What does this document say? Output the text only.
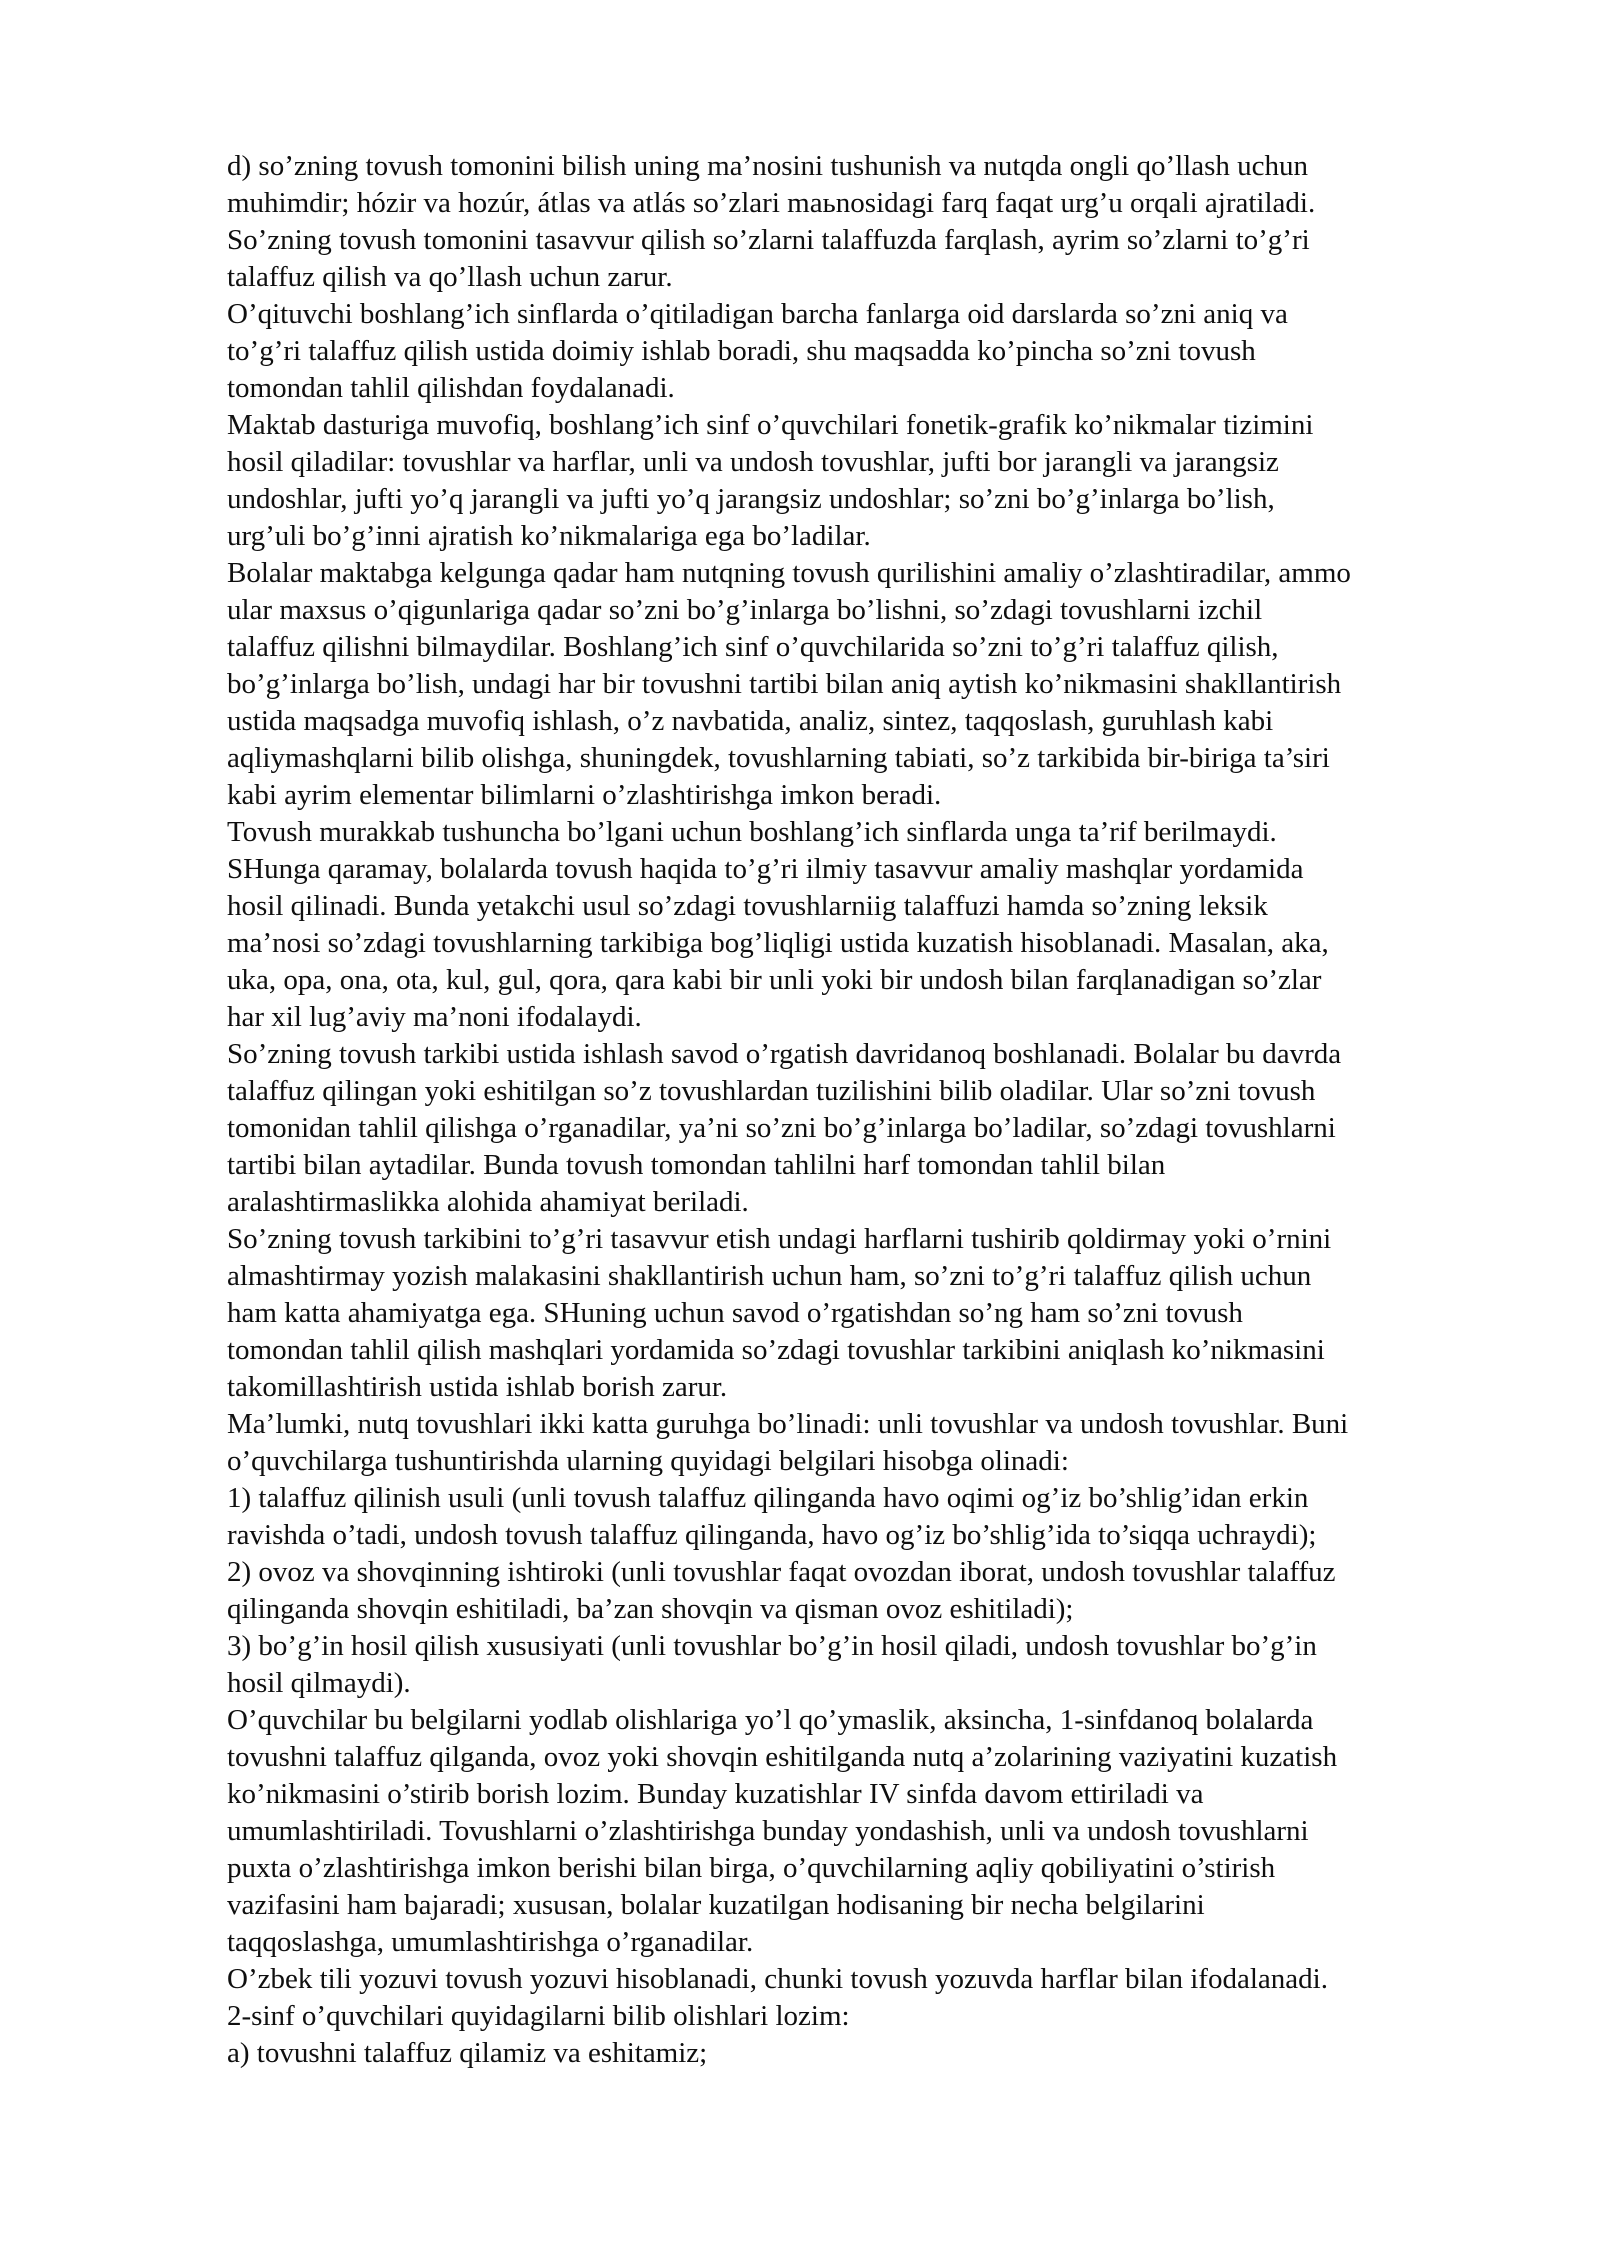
d) so’zning tovush tomonini bilish uning ma’nosini tushunish va nutqda ongli qo’llash uchun
muhimdir; hózir va hozúr, átlas va atlás so’zlari maьnosidagi farq faqat urg’u orqali ajratiladi.
So’zning tovush tomonini tasavvur qilish so’zlarni talaffuzda farqlash, ayrim so’zlarni to’g’ri
talaffuz qilish va qo’llash uchun zarur.
O’qituvchi boshlang’ich sinflarda o’qitiladigan barcha fanlarga oid darslarda so’zni aniq va
to’g’ri talaffuz qilish ustida doimiy ishlab boradi, shu maqsadda ko’pincha so’zni tovush
tomondan tahlil qilishdan foydalanadi.
Maktab dasturiga muvofiq, boshlang’ich sinf o’quvchilari fonetik-grafik ko’nikmalar tizimini
hosil qiladilar: tovushlar va harflar, unli va undosh tovushlar, jufti bor jarangli va jarangsiz
undoshlar, jufti yo’q jarangli va jufti yo’q jarangsiz undoshlar; so’zni bo’g’inlarga bo’lish,
urg’uli bo’g’inni ajratish ko’nikmalariga ega bo’ladilar.
Bolalar maktabga kelgunga qadar ham nutqning tovush qurilishini amaliy o’zlashtiradilar, ammo
ular maxsus o’qigunlariga qadar so’zni bo’g’inlarga bo’lishni, so’zdagi tovushlarni izchil
talaffuz qilishni bilmaydilar. Boshlang’ich sinf o’quvchilarida so’zni to’g’ri talaffuz qilish,
bo’g’inlarga bo’lish, undagi har bir tovushni tartibi bilan aniq aytish ko’nikmasini shakllantirish
ustida maqsadga muvofiq ishlash, o’z navbatida, analiz, sintez, taqqoslash, guruhlash kabi
aqliymashqlarni bilib olishga, shuningdek, tovushlarning tabiati, so’z tarkibida bir-biriga ta’siri
kabi ayrim elementar bilimlarni o’zlashtirishga imkon beradi.
Tovush murakkab tushuncha bo’lgani uchun boshlang’ich sinflarda unga ta’rif berilmaydi.
SHunga qaramay, bolalarda tovush haqida to’g’ri ilmiy tasavvur amaliy mashqlar yordamida
hosil qilinadi. Bunda yetakchi usul so’zdagi tovushlarniig talaffuzi hamda so’zning leksik
ma’nosi so’zdagi tovushlarning tarkibiga bog’liqligi ustida kuzatish hisoblanadi. Masalan, aka,
uka, opa, ona, ota, kul, gul, qora, qara kabi bir unli yoki bir undosh bilan farqlanadigan so’zlar
har xil lug’aviy ma’noni ifodalaydi.
So’zning tovush tarkibi ustida ishlash savod o’rgatish davridanoq boshlanadi. Bolalar bu davrda
talaffuz qilingan yoki eshitilgan so’z tovushlardan tuzilishini bilib oladilar. Ular so’zni tovush
tomonidan tahlil qilishga o’rganadilar, ya’ni so’zni bo’g’inlarga bo’ladilar, so’zdagi tovushlarni
tartibi bilan aytadilar. Bunda tovush tomondan tahlilni harf tomondan tahlil bilan
aralashtirmaslikka alohida ahamiyat beriladi.
So’zning tovush tarkibini to’g’ri tasavvur etish undagi harflarni tushirib qoldirmay yoki o’rnini
almashtirmay yozish malakasini shakllantirish uchun ham, so’zni to’g’ri talaffuz qilish uchun
ham katta ahamiyatga ega. SHuning uchun savod o’rgatishdan so’ng ham so’zni tovush
tomondan tahlil qilish mashqlari yordamida so’zdagi tovushlar tarkibini aniqlash ko’nikmasini
takomillashtirish ustida ishlab borish zarur.
Ma’lumki, nutq tovushlari ikki katta guruhga bo’linadi: unli tovushlar va undosh tovushlar. Buni
o’quvchilarga tushuntirishda ularning quyidagi belgilari hisobga olinadi:
1) talaffuz qilinish usuli (unli tovush talaffuz qilinganda havo oqimi og’iz bo’shlig’idan erkin
ravishda o’tadi, undosh tovush talaffuz qilinganda, havo og’iz bo’shlig’ida to’siqqa uchraydi);
2) ovoz va shovqinning ishtiroki (unli tovushlar faqat ovozdan iborat, undosh tovushlar talaffuz
qilinganda shovqin eshitiladi, ba’zan shovqin va qisman ovoz eshitiladi);
3) bo’g’in hosil qilish xususiyati (unli tovushlar bo’g’in hosil qiladi, undosh tovushlar bo’g’in
hosil qilmaydi).
O’quvchilar bu belgilarni yodlab olishlariga yo’l qo’ymaslik, aksincha, 1-sinfdanoq bolalarda
tovushni talaffuz qilganda, ovoz yoki shovqin eshitilganda nutq a’zolarining vaziyatini kuzatish
ko’nikmasini o’stirib borish lozim. Bunday kuzatishlar IV sinfda davom ettiriladi va
umumlashtiriladi. Tovushlarni o’zlashtirishga bunday yondashish, unli va undosh tovushlarni
puxta o’zlashtirishga imkon berishi bilan birga, o’quvchilarning aqliy qobiliyatini o’stirish
vazifasini ham bajaradi; xususan, bolalar kuzatilgan hodisaning bir necha belgilarini
taqqoslashga, umumlashtirishga o’rganadilar.
O’zbek tili yozuvi tovush yozuvi hisoblanadi, chunki tovush yozuvda harflar bilan ifodalanadi.
2-sinf o’quvchilari quyidagilarni bilib olishlari lozim:
a) tovushni talaffuz qilamiz va eshitamiz;
